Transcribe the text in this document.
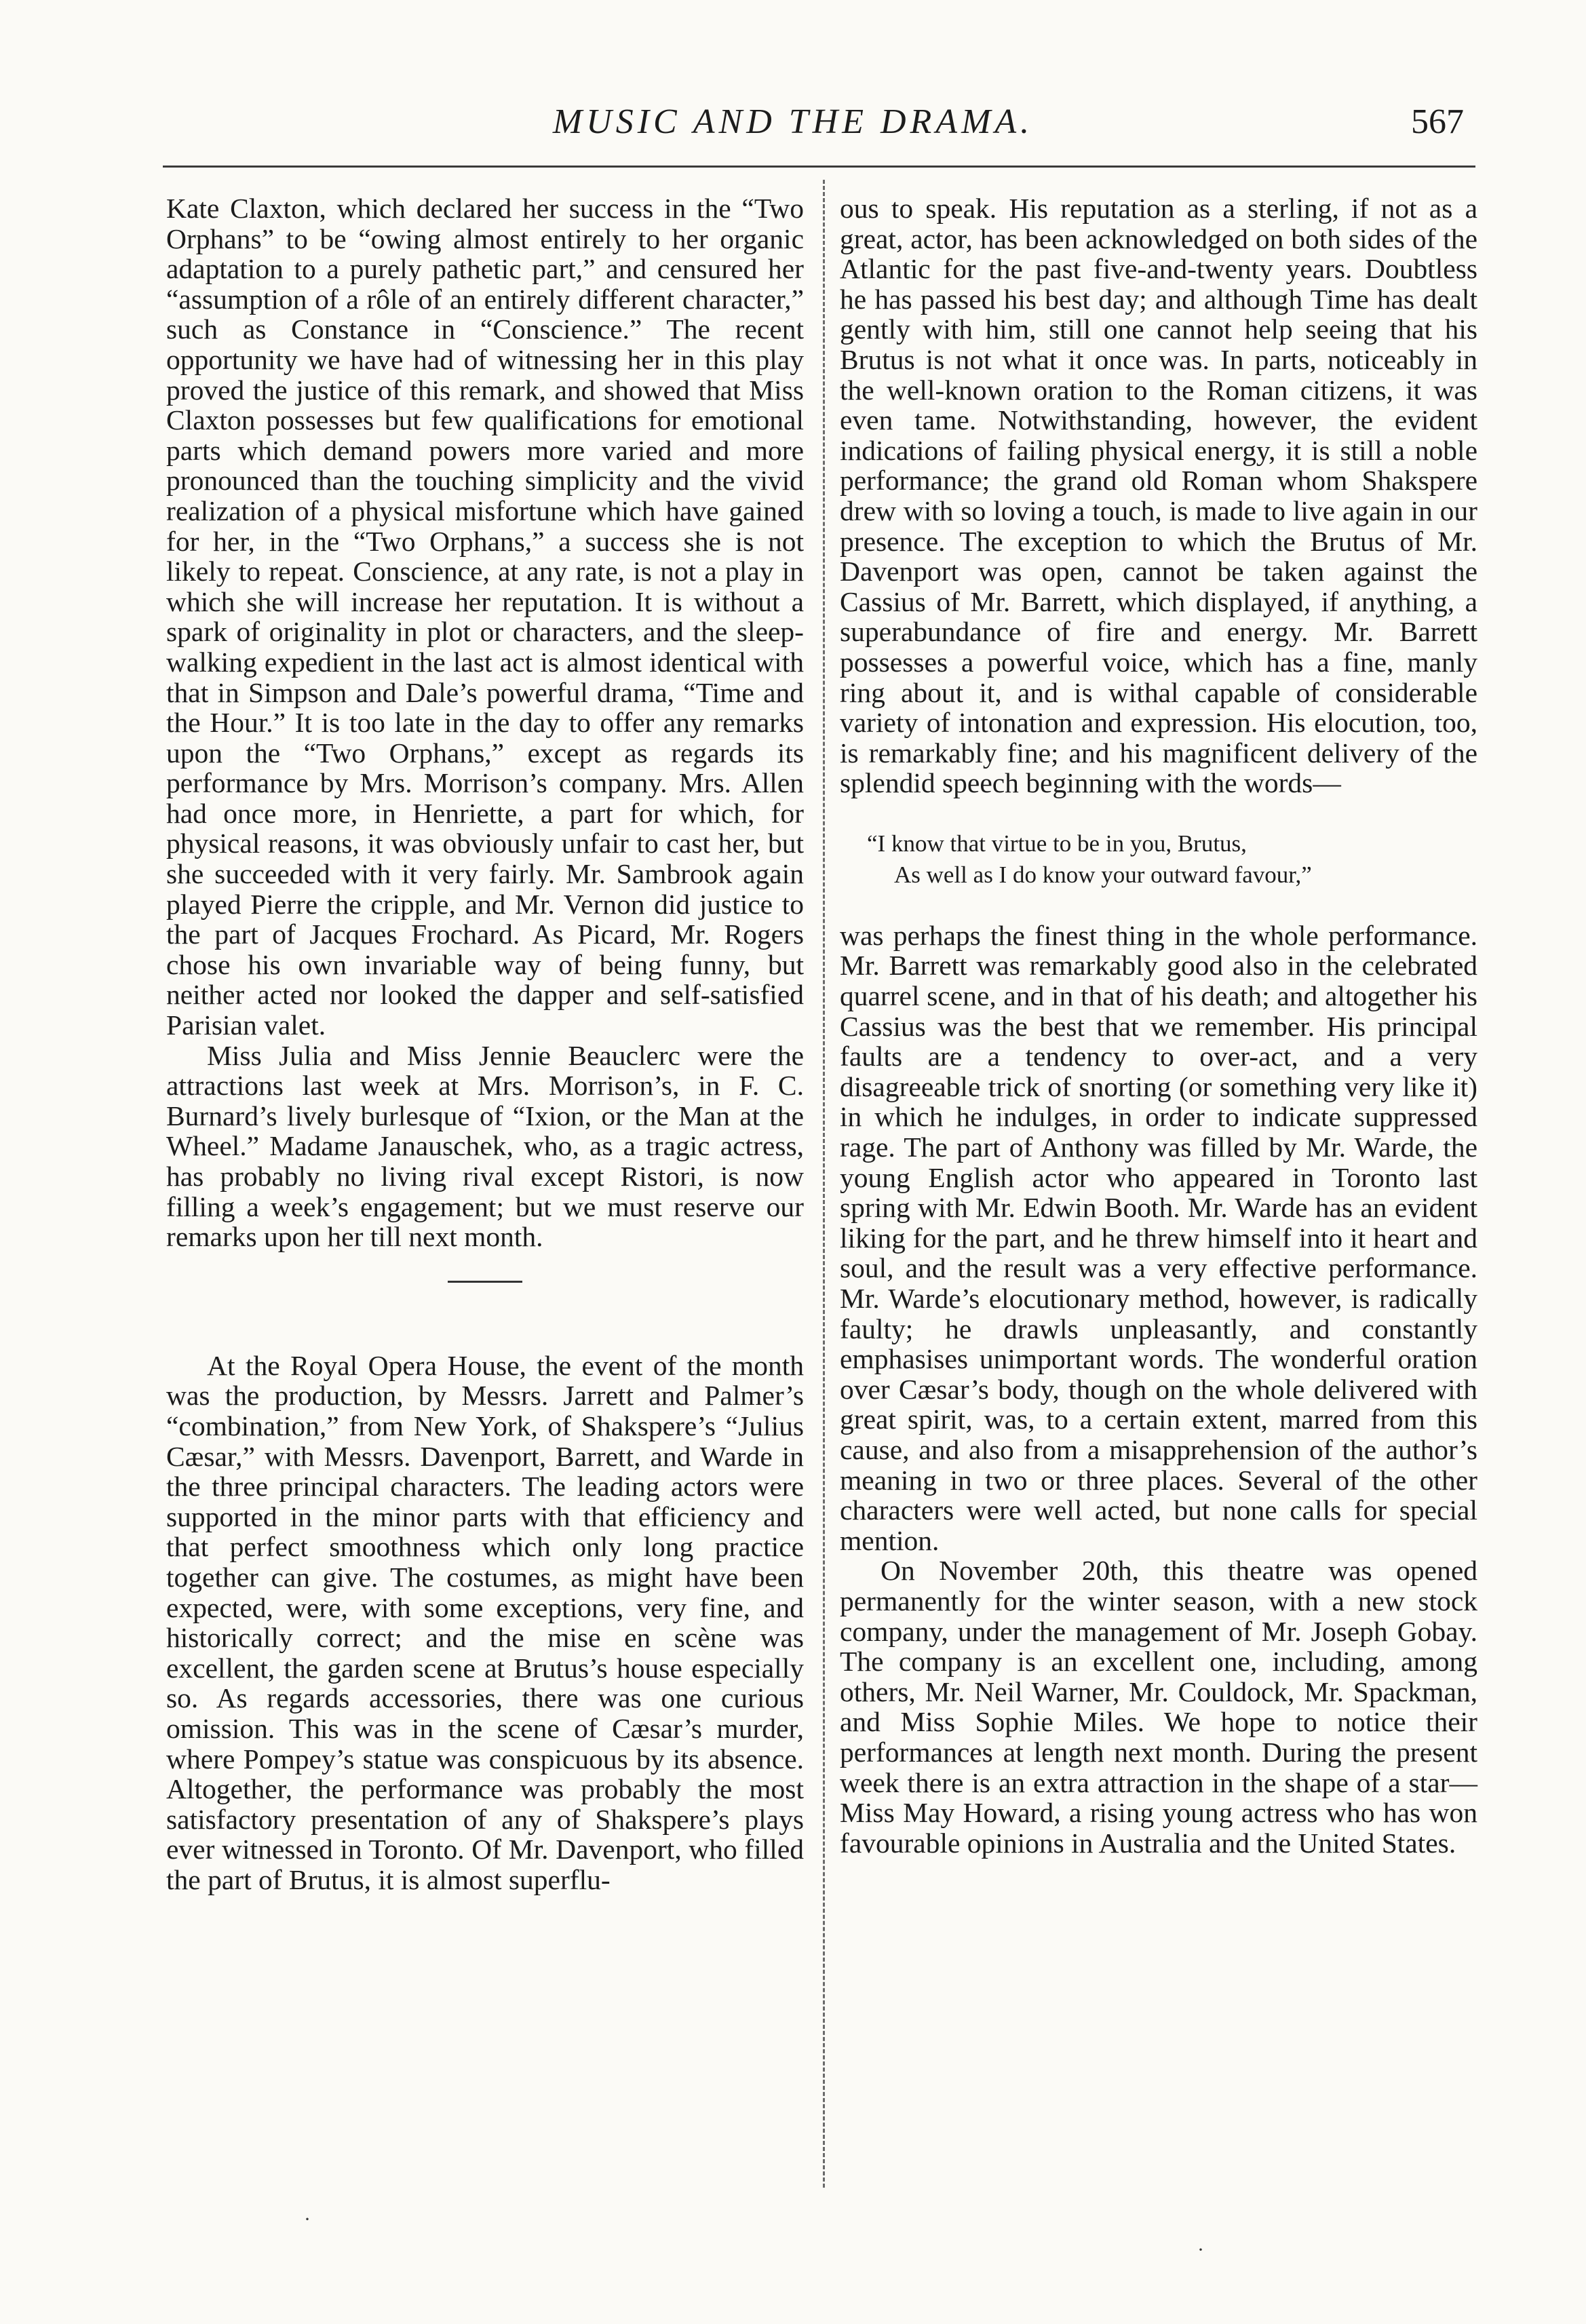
MUSIC AND THE DRAMA.	567

Kate Claxton, which declared her success in the “Two Orphans” to be “owing almost entirely to her organic adaptation to a purely pathetic part,” and censured her “assumption of a rôle of an entirely different character,” such as Constance in “Conscience.” The recent opportunity we have had of witnessing her in this play proved the justice of this remark, and showed that Miss Claxton possesses but few qualifications for emotional parts which demand powers more varied and more pronounced than the touching simplicity and the vivid realization of a physical misfortune which have gained for her, in the “Two Orphans,” a success she is not likely to repeat. Conscience, at any rate, is not a play in which she will increase her reputation. It is without a spark of originality in plot or characters, and the sleep-walking expedient in the last act is almost identical with that in Simpson and Dale’s powerful drama, “Time and the Hour.” It is too late in the day to offer any remarks upon the “Two Orphans,” except as regards its performance by Mrs. Morrison’s company. Mrs. Allen had once more, in Henriette, a part for which, for physical reasons, it was obviously unfair to cast her, but she succeeded with it very fairly. Mr. Sambrook again played Pierre the cripple, and Mr. Vernon did justice to the part of Jacques Frochard. As Picard, Mr. Rogers chose his own invariable way of being funny, but neither acted nor looked the dapper and self-satisfied Parisian valet.

Miss Julia and Miss Jennie Beauclerc were the attractions last week at Mrs. Morrison’s, in F. C. Burnard’s lively burlesque of “Ixion, or the Man at the Wheel.” Madame Janauschek, who, as a tragic actress, has probably no living rival except Ristori, is now filling a week’s engagement; but we must reserve our remarks upon her till next month.

At the Royal Opera House, the event of the month was the production, by Messrs. Jarrett and Palmer’s “combination,” from New York, of Shakspere’s “Julius Cæsar,” with Messrs. Davenport, Barrett, and Warde in the three principal characters. The leading actors were supported in the minor parts with that efficiency and that perfect smoothness which only long practice together can give. The costumes, as might have been expected, were, with some exceptions, very fine, and historically correct; and the mise en scène was excellent, the garden scene at Brutus’s house especially so. As regards accessories, there was one curious omission. This was in the scene of Cæsar’s murder, where Pompey’s statue was conspicuous by its absence. Altogether, the performance was probably the most satisfactory presentation of any of Shakspere’s plays ever witnessed in Toronto. Of Mr. Davenport, who filled the part of Brutus, it is almost superflu-

ous to speak. His reputation as a sterling, if not as a great, actor, has been acknowledged on both sides of the Atlantic for the past five-and-twenty years. Doubtless he has passed his best day; and although Time has dealt gently with him, still one cannot help seeing that his Brutus is not what it once was. In parts, noticeably in the well-known oration to the Roman citizens, it was even tame. Notwithstanding, however, the evident indications of failing physical energy, it is still a noble performance; the grand old Roman whom Shakspere drew with so loving a touch, is made to live again in our presence. The exception to which the Brutus of Mr. Davenport was open, cannot be taken against the Cassius of Mr. Barrett, which displayed, if anything, a superabundance of fire and energy. Mr. Barrett possesses a powerful voice, which has a fine, manly ring about it, and is withal capable of considerable variety of intonation and expression. His elocution, too, is remarkably fine; and his magnificent delivery of the splendid speech beginning with the words—

“I know that virtue to be in you, Brutus,
As well as I do know your outward favour,”

was perhaps the finest thing in the whole performance. Mr. Barrett was remarkably good also in the celebrated quarrel scene, and in that of his death; and altogether his Cassius was the best that we remember. His principal faults are a tendency to over-act, and a very disagreeable trick of snorting (or something very like it) in which he indulges, in order to indicate suppressed rage. The part of Anthony was filled by Mr. Warde, the young English actor who appeared in Toronto last spring with Mr. Edwin Booth. Mr. Warde has an evident liking for the part, and he threw himself into it heart and soul, and the result was a very effective performance. Mr. Warde’s elocutionary method, however, is radically faulty; he drawls unpleasantly, and constantly emphasises unimportant words. The wonderful oration over Cæsar’s body, though on the whole delivered with great spirit, was, to a certain extent, marred from this cause, and also from a misapprehension of the author’s meaning in two or three places. Several of the other characters were well acted, but none calls for special mention.

On November 20th, this theatre was opened permanently for the winter season, with a new stock company, under the management of Mr. Joseph Gobay. The company is an excellent one, including, among others, Mr. Neil Warner, Mr. Couldock, Mr. Spackman, and Miss Sophie Miles. We hope to notice their performances at length next month. During the present week there is an extra attraction in the shape of a star—Miss May Howard, a rising young actress who has won favourable opinions in Australia and the United States.

·
·
